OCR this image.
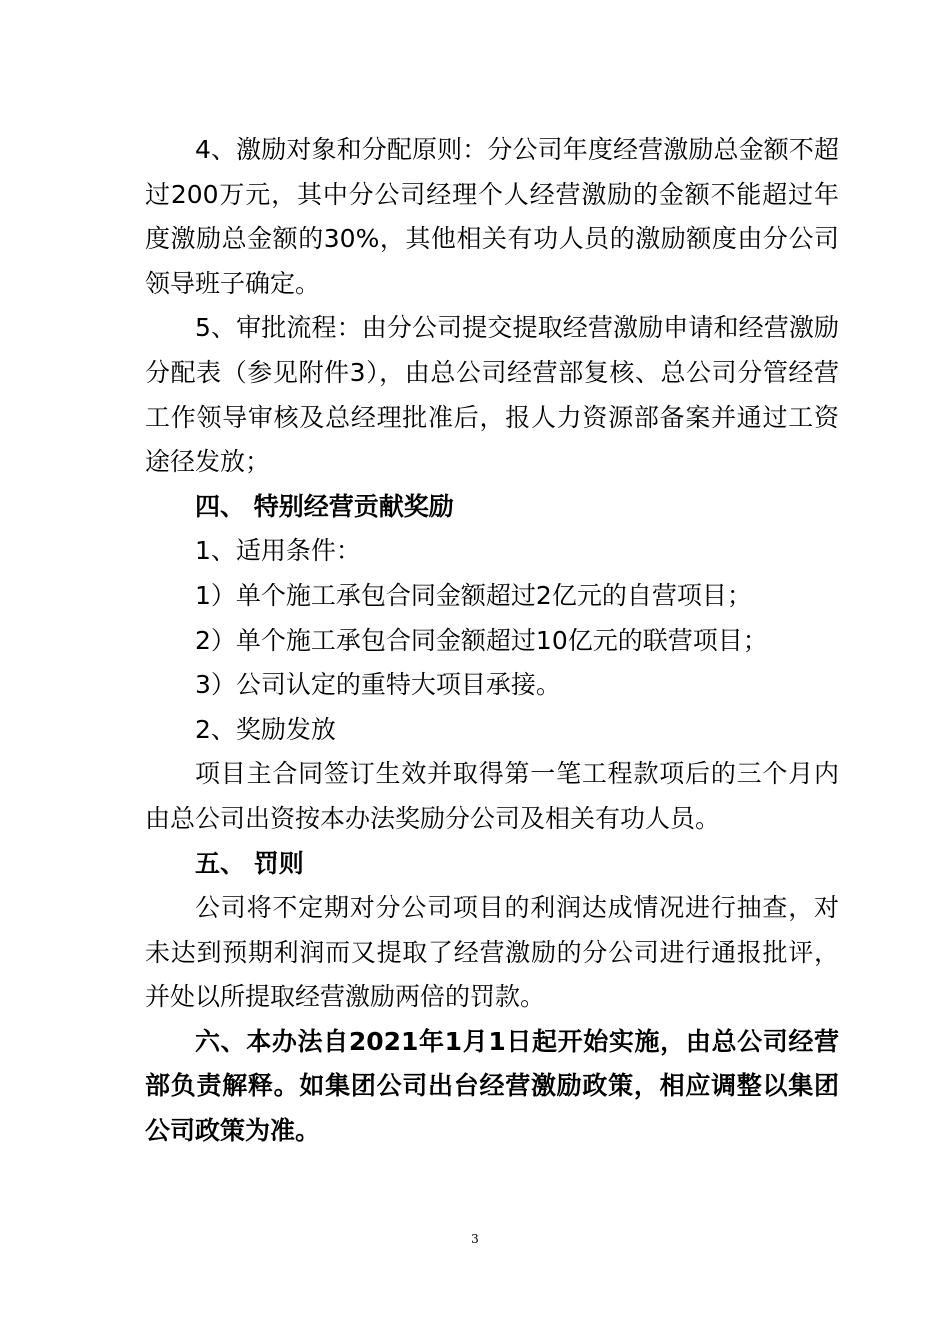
4、激励对象和分配原则：分公司年度经营激励总金额不超过200万元，其中分公司经理个人经营激励的金额不能超过年度激励总金额的30%，其他相关有功人员的激励额度由分公司领导班子确定。

5、审批流程：由分公司提交提取经营激励申请和经营激励分配表（参见附件3），由总公司经营部复核、总公司分管经营工作领导审核及总经理批准后，报人力资源部备案并通过工资途径发放；

四、 特别经营贡献奖励

1、适用条件：

1）单个施工承包合同金额超过2亿元的自营项目；

2）单个施工承包合同金额超过10亿元的联营项目；

3）公司认定的重特大项目承接。

2、奖励发放

项目主合同签订生效并取得第一笔工程款项后的三个月内由总公司出资按本办法奖励分公司及相关有功人员。

五、 罚则

公司将不定期对分公司项目的利润达成情况进行抽查，对未达到预期利润而又提取了经营激励的分公司进行通报批评，并处以所提取经营激励两倍的罚款。

六、本办法自2021年1月1日起开始实施，由总公司经营部负责解释。如集团公司出台经营激励政策，相应调整以集团公司政策为准。

3
